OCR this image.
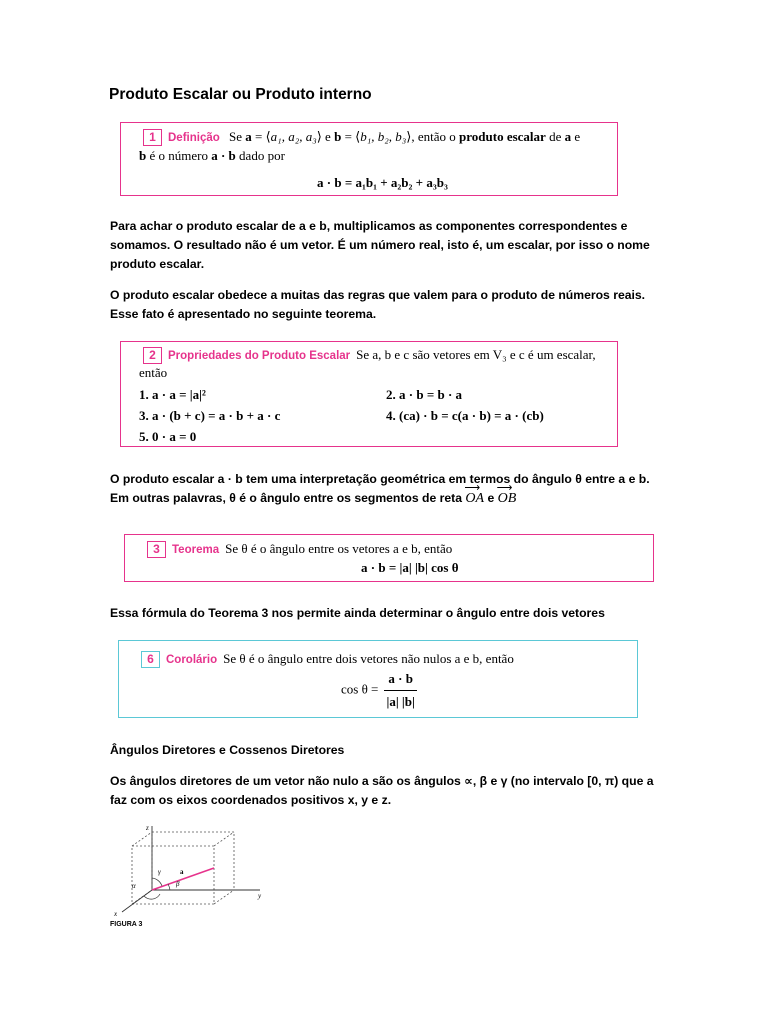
Produto Escalar ou Produto interno
1 Definição Se a = ⟨a₁, a₂, a₃⟩ e b = ⟨b₁, b₂, b₃⟩, então o produto escalar de a e
b é o número a · b dado por
a · b = a₁b₁ + a₂b₂ + a₃b₃
Para achar o produto escalar de a e b, multiplicamos as componentes correspondentes e somamos. O resultado não é um vetor. É um número real, isto é, um escalar, por isso o nome produto escalar.
O produto escalar obedece a muitas das regras que valem para o produto de números reais. Esse fato é apresentado no seguinte teorema.
2 Propriedades do Produto Escalar Se a, b e c são vetores em V₃ e c é um escalar,
então
1. a · a = |a|²	2. a · b = b · a
3. a · (b + c) = a · b + a · c	4. (ca) · b = c(a · b) = a · (cb)
5. 0 · a = 0
O produto escalar a · b tem uma interpretação geométrica em termos do ângulo θ entre a e b.
Em outras palavras, θ é o ângulo entre os segmentos de reta ⟶ OA e ⟶ OB
3 Teorema Se θ é o ângulo entre os vetores a e b, então
a · b = |a| |b| cos θ
Essa fórmula do Teorema 3 nos permite ainda determinar o ângulo entre dois vetores
6 Corolário Se θ é o ângulo entre dois vetores não nulos a e b, então
$\cos \theta = \frac{a \cdot b}{|a| |b|}$
Ângulos Diretores e Cossenos Diretores
Os ângulos diretores de um vetor não nulo a são os ângulos ∝, β e γ (no intervalo [0, π) que a faz com os eixos coordenados positivos x, y e z.
z
y
x
a
γ
β
α
FIGURA 3
